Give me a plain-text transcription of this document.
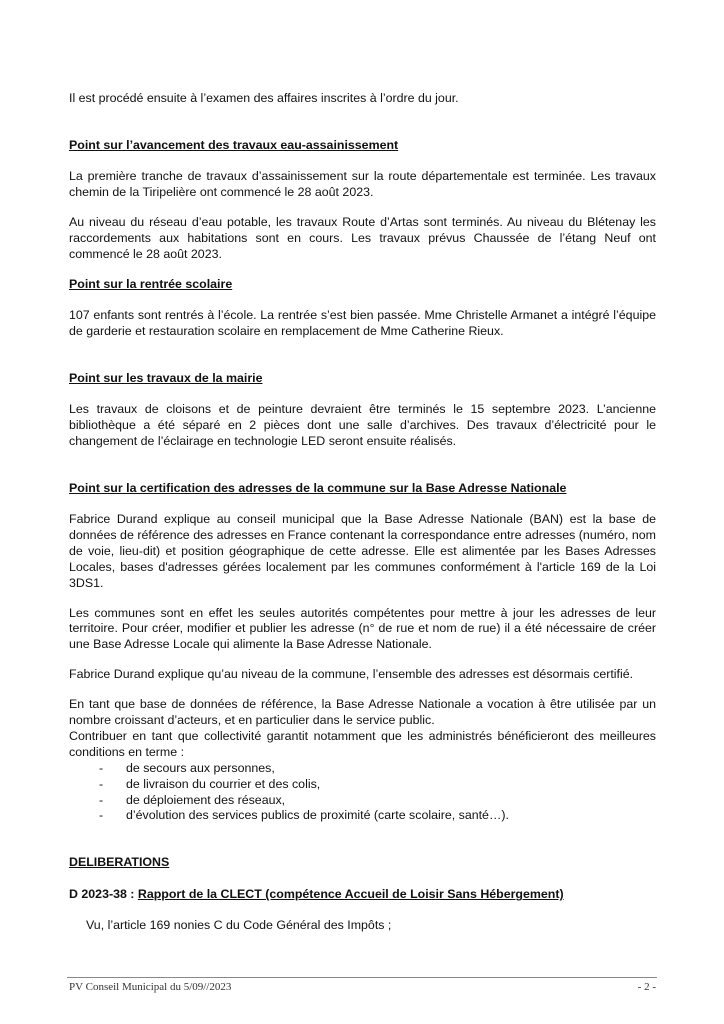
Il est procédé ensuite à l’examen des affaires inscrites à l’ordre du jour.

Point sur l’avancement des travaux eau-assainissement

La première tranche de travaux d’assainissement sur la route départementale est terminée. Les travaux chemin de la Tiripelière ont commencé le 28 août 2023.

Au niveau du réseau d’eau potable, les travaux Route d’Artas sont terminés. Au niveau du Blétenay les raccordements aux habitations sont en cours. Les travaux prévus Chaussée de l’étang Neuf ont commencé le 28 août 2023.

Point sur la rentrée scolaire

107 enfants sont rentrés à l’école. La rentrée s’est bien passée. Mme Christelle Armanet a intégré l’équipe de garderie et restauration scolaire en remplacement de Mme Catherine Rieux.

Point sur les travaux de la mairie

Les travaux de cloisons et de peinture devraient être terminés le 15 septembre 2023. L’ancienne bibliothèque a été séparé en 2 pièces dont une salle d’archives. Des travaux d’électricité pour le changement de l’éclairage en technologie LED seront ensuite réalisés.

Point sur la certification des adresses de la commune sur la Base Adresse Nationale

Fabrice Durand explique au conseil municipal que la Base Adresse Nationale (BAN) est la base de données de référence des adresses en France contenant la correspondance entre adresses (numéro, nom de voie, lieu-dit) et position géographique de cette adresse. Elle est alimentée par les Bases Adresses Locales, bases d'adresses gérées localement par les communes conformément à l'article 169 de la Loi 3DS1.

Les communes sont en effet les seules autorités compétentes pour mettre à jour les adresses de leur territoire. Pour créer, modifier et publier les adresse (n° de rue et nom de rue) il a été nécessaire de créer une Base Adresse Locale qui alimente la Base Adresse Nationale.

Fabrice Durand explique qu’au niveau de la commune, l’ensemble des adresses est désormais certifié.

En tant que base de données de référence, la Base Adresse Nationale a vocation à être utilisée par un nombre croissant d’acteurs, et en particulier dans le service public.

Contribuer en tant que collectivité garantit notamment que les administrés bénéficieront des meilleures conditions en terme :

- de secours aux personnes,
- de livraison du courrier et des colis,
- de déploiement des réseaux,
- d’évolution des services publics de proximité (carte scolaire, santé…).

DELIBERATIONS

D 2023-38 : Rapport de la CLECT (compétence Accueil de Loisir Sans Hébergement)

Vu, l’article 169 nonies C du Code Général des Impôts ;

PV Conseil Municipal du 5/09//2023	- 2 -
